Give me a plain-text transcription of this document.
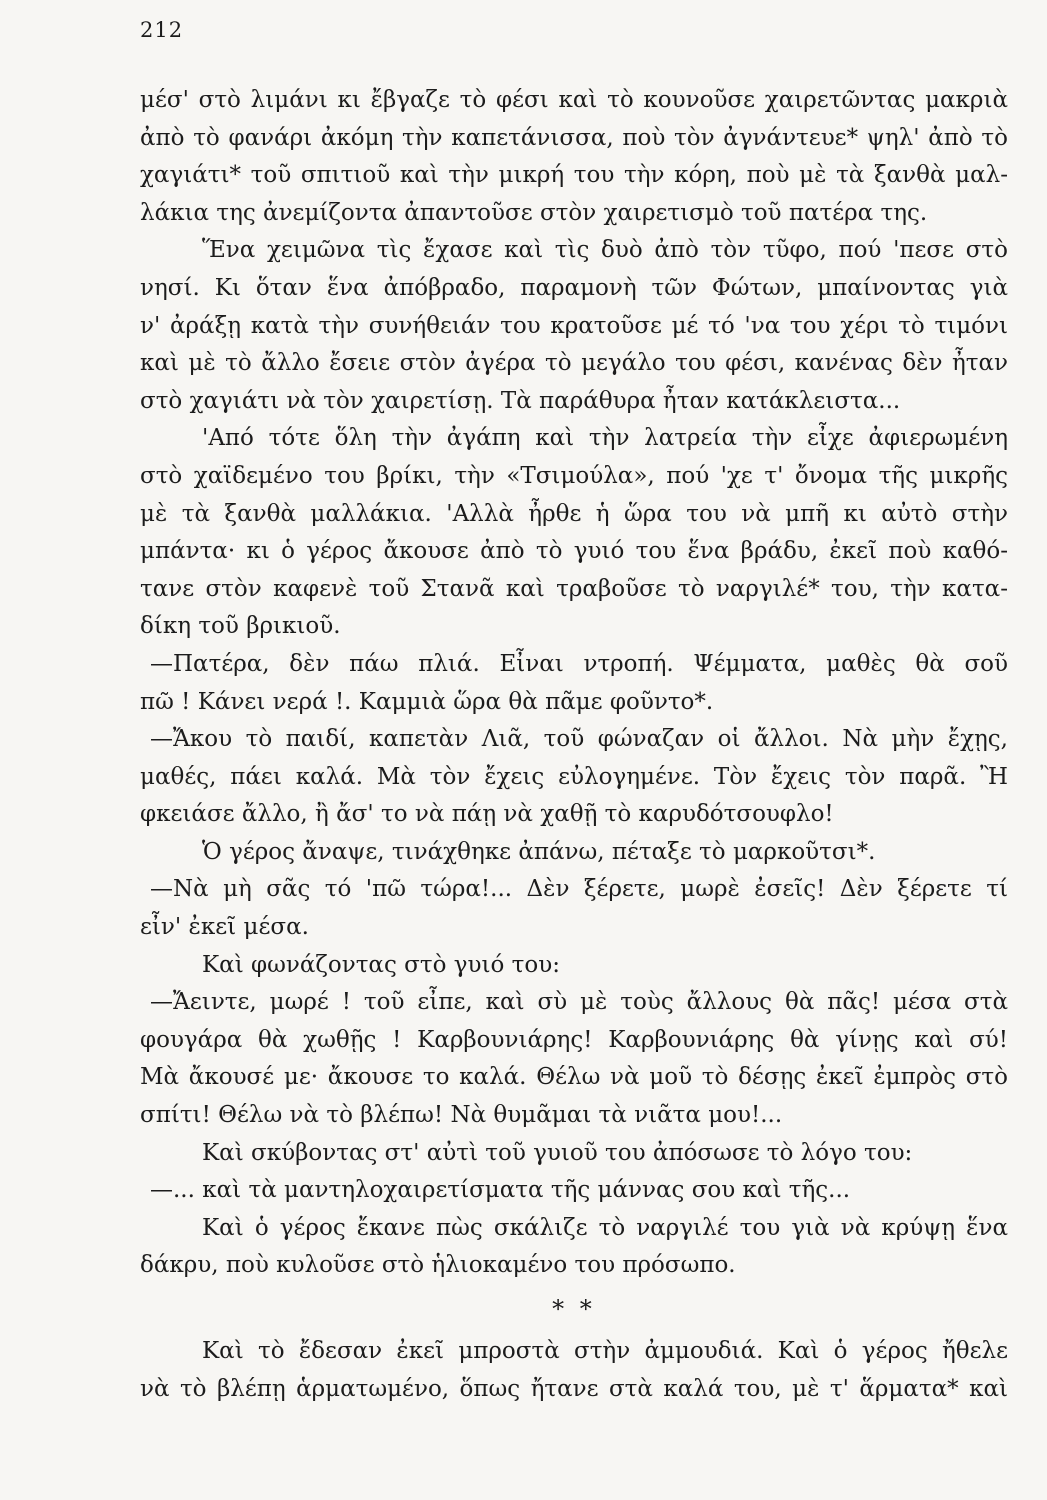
212
μέσ' στὸ λιμάνι κι ἔβγαζε τὸ φέσι καὶ τὸ κουνοῦσε χαιρετῶντας μακριὰ
ἀπὸ τὸ φανάρι ἀκόμη τὴν καπετάνισσα, ποὺ τὸν ἀγνάντευε* ψηλ' ἀπὸ τὸ
χαγιάτι* τοῦ σπιτιοῦ καὶ τὴν μικρή του τὴν κόρη, ποὺ μὲ τὰ ξανθὰ μαλ-
λάκια της ἀνεμίζοντα ἀπαντοῦσε στὸν χαιρετισμὸ τοῦ πατέρα της.
Ἕνα χειμῶνα τὶς ἔχασε καὶ τὶς δυὸ ἀπὸ τὸν τῦφο, πού 'πεσε στὸ
νησί. Κι ὅταν ἕνα ἀπόβραδο, παραμονὴ τῶν Φώτων, μπαίνοντας γιὰ
ν' ἀράξῃ κατὰ τὴν συνήθειάν του κρατοῦσε μέ τό 'να του χέρι τὸ τιμόνι
καὶ μὲ τὸ ἄλλο ἔσειε στὸν ἀγέρα τὸ μεγάλο του φέσι, κανένας δὲν ἦταν
στὸ χαγιάτι νὰ τὸν χαιρετίσῃ. Τὰ παράθυρα ἦταν κατάκλειστα...
'Από τότε ὅλη τὴν ἀγάπη καὶ τὴν λατρεία τὴν εἶχε ἀφιερωμένη
στὸ χαϊδεμένο του βρίκι, τὴν «Τσιμούλα», πού 'χε τ' ὄνομα τῆς μικρῆς
μὲ τὰ ξανθὰ μαλλάκια. 'Αλλὰ ἦρθε ἡ ὥρα του νὰ μπῆ κι αὐτὸ στὴν
μπάντα· κι ὁ γέρος ἄκουσε ἀπὸ τὸ γυιό του ἕνα βράδυ, ἐκεῖ ποὺ καθό-
τανε στὸν καφενὲ τοῦ Στανᾶ καὶ τραβοῦσε τὸ ναργιλέ* του, τὴν κατα-
δίκη τοῦ βρικιοῦ.
—Πατέρα, δὲν πάω πλιά. Εἶναι ντροπή. Ψέμματα, μαθὲς θὰ σοῦ
πῶ ! Κάνει νερά !. Καμμιὰ ὥρα θὰ πᾶμε φοῦντο*.
—Ἄκου τὸ παιδί, καπετὰν Λιᾶ, τοῦ φώναζαν οἱ ἄλλοι. Νὰ μὴν ἔχῃς,
μαθές, πάει καλά. Μὰ τὸν ἔχεις εὐλογημένε. Τὸν ἔχεις τὸν παρᾶ. Ἢ
φκειάσε ἄλλο, ἢ ἄσ' το νὰ πάῃ νὰ χαθῇ τὸ καρυδότσουφλο!
Ὁ γέρος ἄναψε, τινάχθηκε ἀπάνω, πέταξε τὸ μαρκοῦτσι*.
—Νὰ μὴ σᾶς τό 'πῶ τώρα!... Δὲν ξέρετε, μωρὲ ἐσεῖς! Δὲν ξέρετε τί
εἶν' ἐκεῖ μέσα.
Καὶ φωνάζοντας στὸ γυιό του:
—Ἄειντε, μωρέ ! τοῦ εἶπε, καὶ σὺ μὲ τοὺς ἄλλους θὰ πᾶς! μέσα στὰ
φουγάρα θὰ χωθῇς ! Καρβουνιάρης! Καρβουνιάρης θὰ γίνῃς καὶ σύ!
Μὰ ἄκουσέ με· ἄκουσε το καλά. Θέλω νὰ μοῦ τὸ δέσῃς ἐκεῖ ἐμπρὸς στὸ
σπίτι! Θέλω νὰ τὸ βλέπω! Νὰ θυμᾶμαι τὰ νιᾶτα μου!...
Καὶ σκύβοντας στ' αὐτὶ τοῦ γυιοῦ του ἀπόσωσε τὸ λόγο του:
—... καὶ τὰ μαντηλοχαιρετίσματα τῆς μάννας σου καὶ τῆς...
Καὶ ὁ γέρος ἔκανε πὼς σκάλιζε τὸ ναργιλέ του γιὰ νὰ κρύψῃ ἕνα
δάκρυ, ποὺ κυλοῦσε στὸ ἡλιοκαμένο του πρόσωπο.
* *
Καὶ τὸ ἔδεσαν ἐκεῖ μπροστὰ στὴν ἀμμουδιά. Καὶ ὁ γέρος ἤθελε
νὰ τὸ βλέπῃ ἁρματωμένο, ὅπως ἤτανε στὰ καλά του, μὲ τ' ἅρματα* καὶ
